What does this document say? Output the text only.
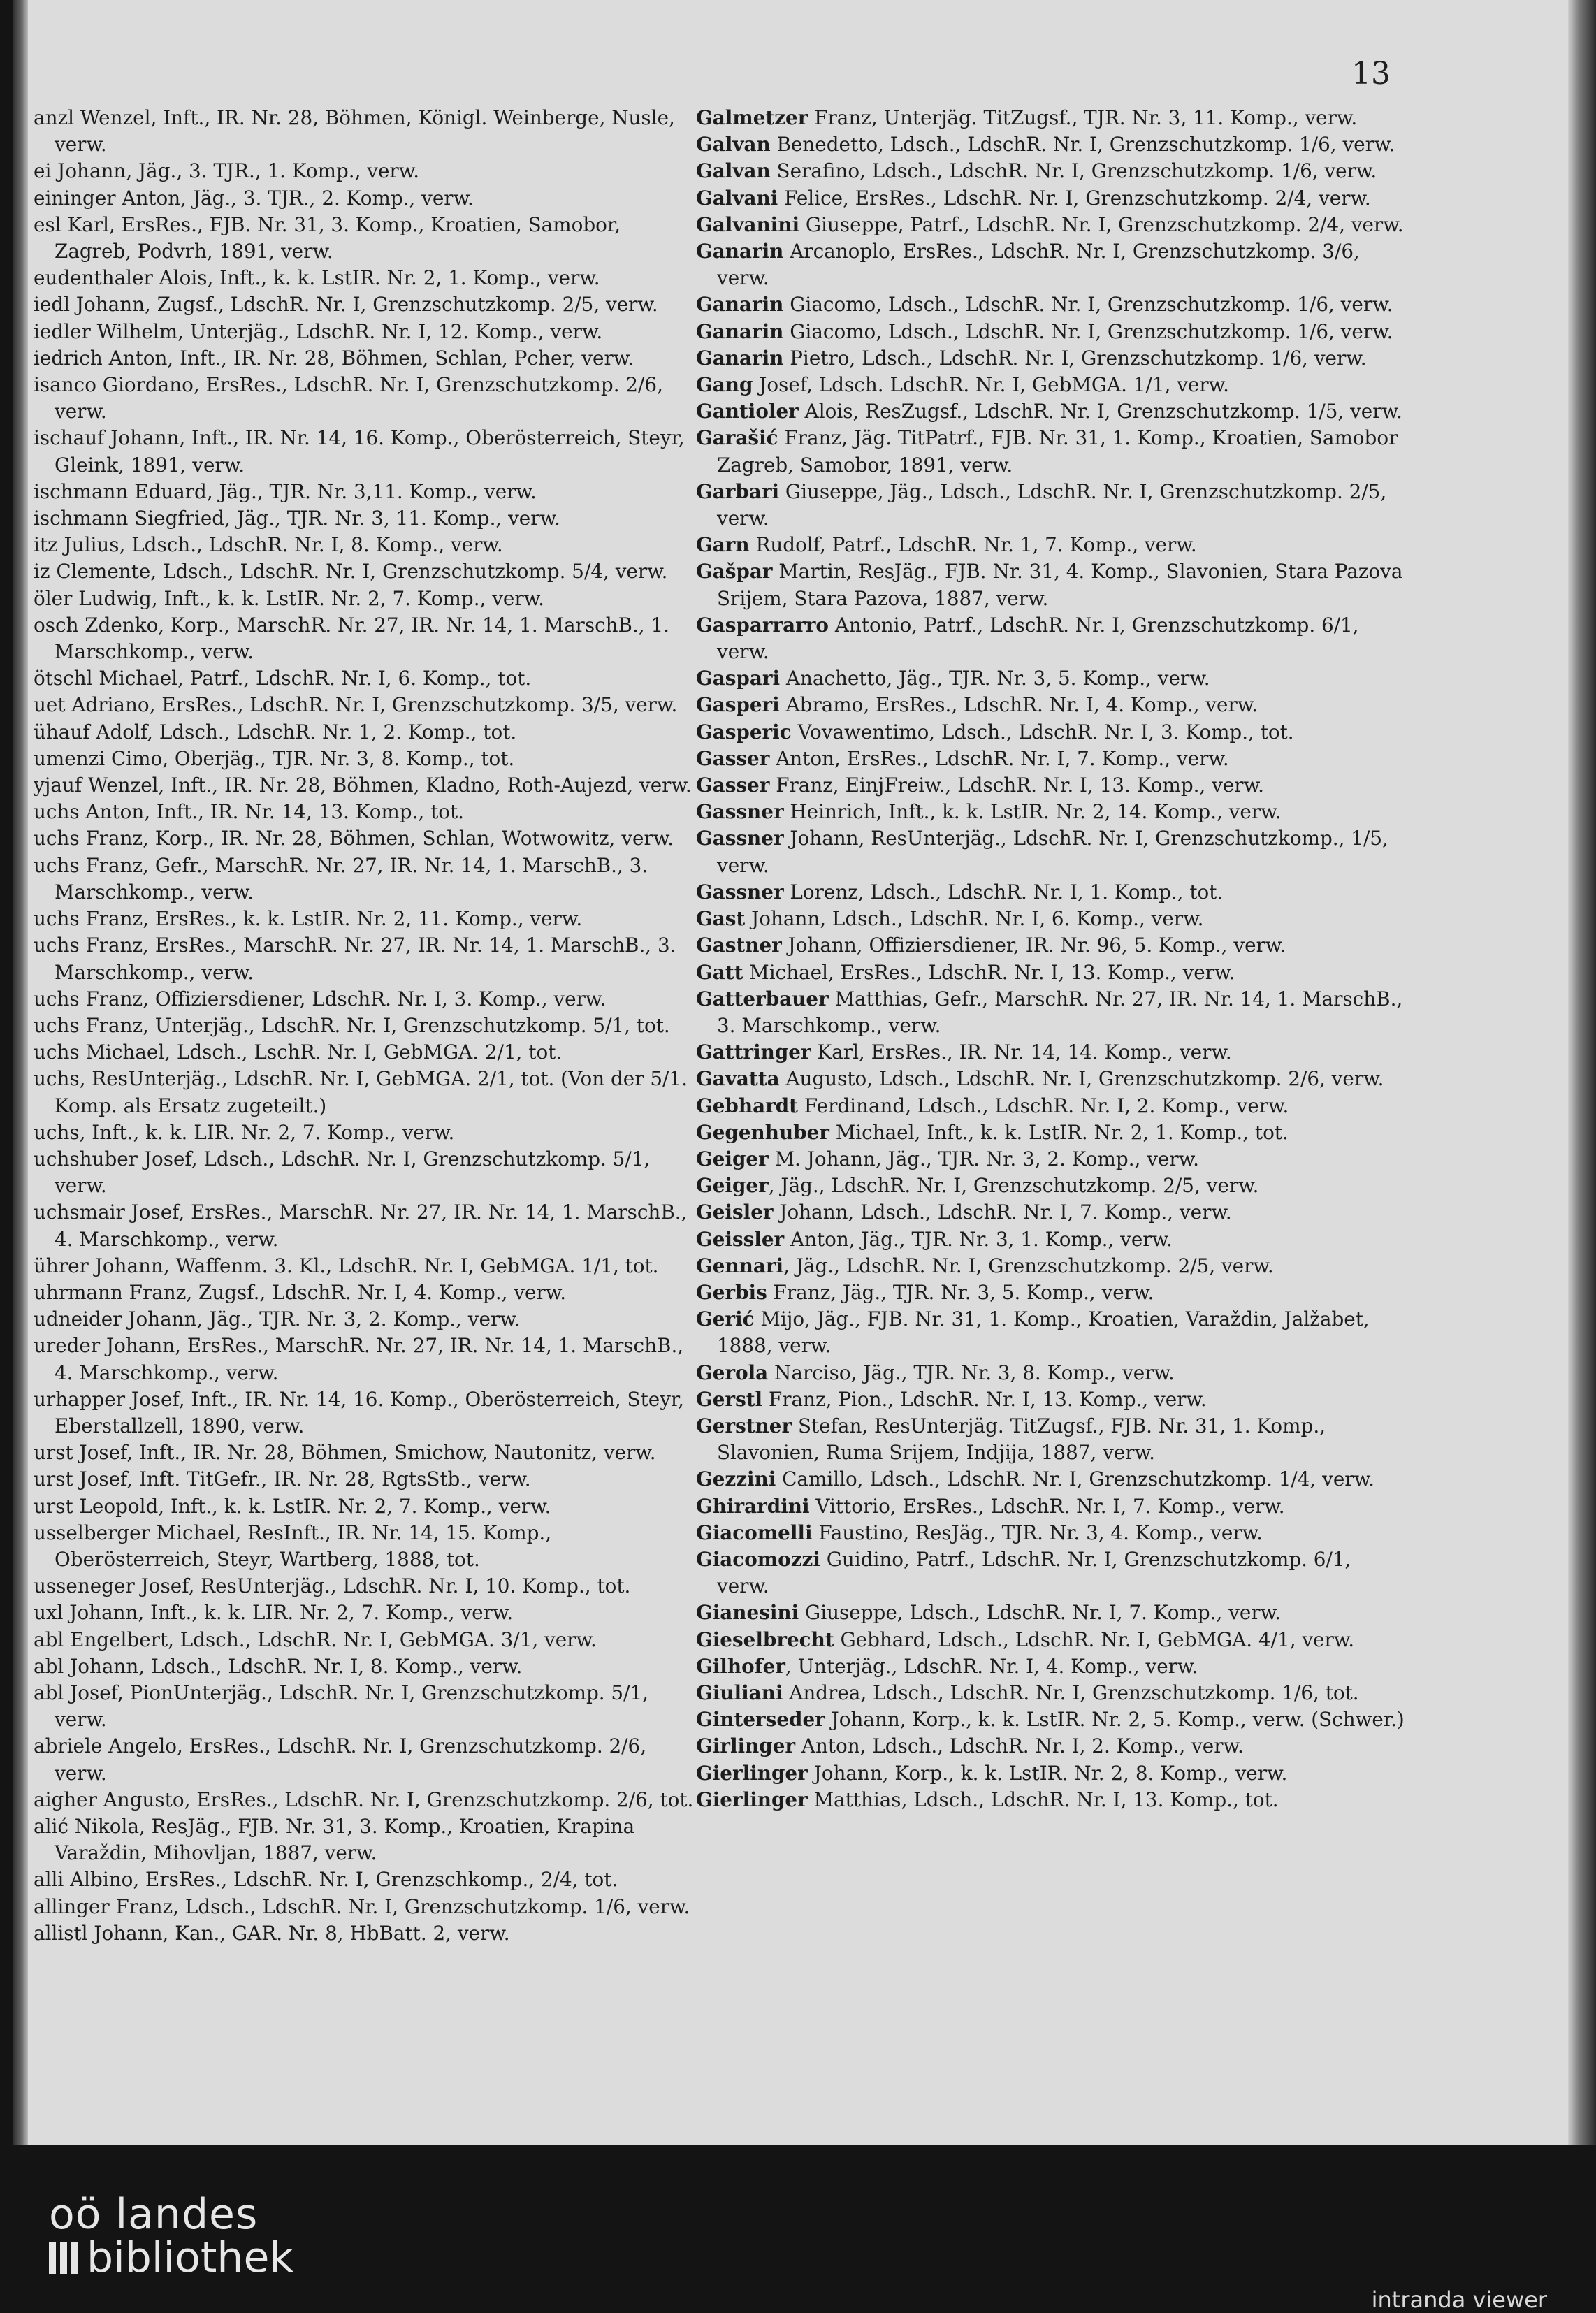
13

anzl Wenzel, Inft., IR. Nr. 28, Böhmen, Königl. Weinberge, Nusle, verw.

ei Johann, Jäg., 3. TJR., 1. Komp., verw.

eininger Anton, Jäg., 3. TJR., 2. Komp., verw.

esl Karl, ErsRes., FJB. Nr. 31, 3. Komp., Kroatien, Samobor, Zagreb, Podvrh, 1891, verw.

eudenthaler Alois, Inft., k. k. LstIR. Nr. 2, 1. Komp., verw.

iedl Johann, Zugsf., LdschR. Nr. I, Grenzschutzkomp. 2/5, verw.

iedler Wilhelm, Unterjäg., LdschR. Nr. I, 12. Komp., verw.

iedrich Anton, Inft., IR. Nr. 28, Böhmen, Schlan, Pcher, verw.

isanco Giordano, ErsRes., LdschR. Nr. I, Grenzschutzkomp. 2/6, verw.

ischauf Johann, Inft., IR. Nr. 14, 16. Komp., Oberösterreich, Steyr, Gleink, 1891, verw.

ischmann Eduard, Jäg., TJR. Nr. 3,11. Komp., verw.

ischmann Siegfried, Jäg., TJR. Nr. 3, 11. Komp., verw.

itz Julius, Ldsch., LdschR. Nr. I, 8. Komp., verw.

iz Clemente, Ldsch., LdschR. Nr. I, Grenzschutzkomp. 5/4, verw.

öler Ludwig, Inft., k. k. LstIR. Nr. 2, 7. Komp., verw.

osch Zdenko, Korp., MarschR. Nr. 27, IR. Nr. 14, 1. MarschB., 1. Marschkomp., verw.

ötschl Michael, Patrf., LdschR. Nr. I, 6. Komp., tot.

uet Adriano, ErsRes., LdschR. Nr. I, Grenzschutzkomp. 3/5, verw.

ühauf Adolf, Ldsch., LdschR. Nr. 1, 2. Komp., tot.

umenzi Cimo, Oberjäg., TJR. Nr. 3, 8. Komp., tot.

yjauf Wenzel, Inft., IR. Nr. 28, Böhmen, Kladno, Roth-Aujezd, verw.

uchs Anton, Inft., IR. Nr. 14, 13. Komp., tot.

uchs Franz, Korp., IR. Nr. 28, Böhmen, Schlan, Wotwowitz, verw.

uchs Franz, Gefr., MarschR. Nr. 27, IR. Nr. 14, 1. MarschB., 3. Marschkomp., verw.

uchs Franz, ErsRes., k. k. LstIR. Nr. 2, 11. Komp., verw.

uchs Franz, ErsRes., MarschR. Nr. 27, IR. Nr. 14, 1. MarschB., 3. Marschkomp., verw.

uchs Franz, Offiziersdiener, LdschR. Nr. I, 3. Komp., verw.

uchs Franz, Unterjäg., LdschR. Nr. I, Grenzschutzkomp. 5/1, tot.

uchs Michael, Ldsch., LschR. Nr. I, GebMGA. 2/1, tot.

uchs, ResUnterjäg., LdschR. Nr. I, GebMGA. 2/1, tot. (Von der 5/1. Komp. als Ersatz zugeteilt.)

uchs, Inft., k. k. LIR. Nr. 2, 7. Komp., verw.

uchshuber Josef, Ldsch., LdschR. Nr. I, Grenzschutzkomp. 5/1, verw.

uchsmair Josef, ErsRes., MarschR. Nr. 27, IR. Nr. 14, 1. MarschB., 4. Marschkomp., verw.

ührer Johann, Waffenm. 3. Kl., LdschR. Nr. I, GebMGA. 1/1, tot.

uhrmann Franz, Zugsf., LdschR. Nr. I, 4. Komp., verw.

udneider Johann, Jäg., TJR. Nr. 3, 2. Komp., verw.

ureder Johann, ErsRes., MarschR. Nr. 27, IR. Nr. 14, 1. MarschB., 4. Marschkomp., verw.

urhapper Josef, Inft., IR. Nr. 14, 16. Komp., Oberösterreich, Steyr, Eberstallzell, 1890, verw.

urst Josef, Inft., IR. Nr. 28, Böhmen, Smichow, Nautonitz, verw.

urst Josef, Inft. TitGefr., IR. Nr. 28, RgtsStb., verw.

urst Leopold, Inft., k. k. LstIR. Nr. 2, 7. Komp., verw.

usselberger Michael, ResInft., IR. Nr. 14, 15. Komp., Oberösterreich, Steyr, Wartberg, 1888, tot.

usseneger Josef, ResUnterjäg., LdschR. Nr. I, 10. Komp., tot.

uxl Johann, Inft., k. k. LIR. Nr. 2, 7. Komp., verw.

abl Engelbert, Ldsch., LdschR. Nr. I, GebMGA. 3/1, verw.

abl Johann, Ldsch., LdschR. Nr. I, 8. Komp., verw.

abl Josef, PionUnterjäg., LdschR. Nr. I, Grenzschutzkomp. 5/1, verw.

abriele Angelo, ErsRes., LdschR. Nr. I, Grenzschutzkomp. 2/6, verw.

aigher Angusto, ErsRes., LdschR. Nr. I, Grenzschutzkomp. 2/6, tot.

alić Nikola, ResJäg., FJB. Nr. 31, 3. Komp., Kroatien, Krapina Varaždin, Mihovljan, 1887, verw.

alli Albino, ErsRes., LdschR. Nr. I, Grenzschkomp., 2/4, tot.

allinger Franz, Ldsch., LdschR. Nr. I, Grenzschutzkomp. 1/6, verw.

allistl Johann, Kan., GAR. Nr. 8, HbBatt. 2, verw.

Galmetzer Franz, Unterjäg. TitZugsf., TJR. Nr. 3, 11. Komp., verw.

Galvan Benedetto, Ldsch., LdschR. Nr. I, Grenzschutzkomp. 1/6, verw.

Galvan Serafino, Ldsch., LdschR. Nr. I, Grenzschutzkomp. 1/6, verw.

Galvani Felice, ErsRes., LdschR. Nr. I, Grenzschutzkomp. 2/4, verw.

Galvanini Giuseppe, Patrf., LdschR. Nr. I, Grenzschutzkomp. 2/4, verw.

Ganarin Arcanoplo, ErsRes., LdschR. Nr. I, Grenzschutzkomp. 3/6, verw.

Ganarin Giacomo, Ldsch., LdschR. Nr. I, Grenzschutzkomp. 1/6, verw.

Ganarin Giacomo, Ldsch., LdschR. Nr. I, Grenzschutzkomp. 1/6, verw.

Ganarin Pietro, Ldsch., LdschR. Nr. I, Grenzschutzkomp. 1/6, verw.

Gang Josef, Ldsch. LdschR. Nr. I, GebMGA. 1/1, verw.

Gantioler Alois, ResZugsf., LdschR. Nr. I, Grenzschutzkomp. 1/5, verw.

Garašić Franz, Jäg. TitPatrf., FJB. Nr. 31, 1. Komp., Kroatien, Samobor Zagreb, Samobor, 1891, verw.

Garbari Giuseppe, Jäg., Ldsch., LdschR. Nr. I, Grenzschutzkomp. 2/5, verw.

Garn Rudolf, Patrf., LdschR. Nr. 1, 7. Komp., verw.

Gašpar Martin, ResJäg., FJB. Nr. 31, 4. Komp., Slavonien, Stara Pazova Srijem, Stara Pazova, 1887, verw.

Gasparrarro Antonio, Patrf., LdschR. Nr. I, Grenzschutzkomp. 6/1, verw.

Gaspari Anachetto, Jäg., TJR. Nr. 3, 5. Komp., verw.

Gasperi Abramo, ErsRes., LdschR. Nr. I, 4. Komp., verw.

Gasperic Vovawentimo, Ldsch., LdschR. Nr. I, 3. Komp., tot.

Gasser Anton, ErsRes., LdschR. Nr. I, 7. Komp., verw.

Gasser Franz, EinjFreiw., LdschR. Nr. I, 13. Komp., verw.

Gassner Heinrich, Inft., k. k. LstIR. Nr. 2, 14. Komp., verw.

Gassner Johann, ResUnterjäg., LdschR. Nr. I, Grenzschutzkomp., 1/5, verw.

Gassner Lorenz, Ldsch., LdschR. Nr. I, 1. Komp., tot.

Gast Johann, Ldsch., LdschR. Nr. I, 6. Komp., verw.

Gastner Johann, Offiziersdiener, IR. Nr. 96, 5. Komp., verw.

Gatt Michael, ErsRes., LdschR. Nr. I, 13. Komp., verw.

Gatterbauer Matthias, Gefr., MarschR. Nr. 27, IR. Nr. 14, 1. MarschB., 3. Marschkomp., verw.

Gattringer Karl, ErsRes., IR. Nr. 14, 14. Komp., verw.

Gavatta Augusto, Ldsch., LdschR. Nr. I, Grenzschutzkomp. 2/6, verw.

Gebhardt Ferdinand, Ldsch., LdschR. Nr. I, 2. Komp., verw.

Gegenhuber Michael, Inft., k. k. LstIR. Nr. 2, 1. Komp., tot.

Geiger M. Johann, Jäg., TJR. Nr. 3, 2. Komp., verw.

Geiger, Jäg., LdschR. Nr. I, Grenzschutzkomp. 2/5, verw.

Geisler Johann, Ldsch., LdschR. Nr. I, 7. Komp., verw.

Geissler Anton, Jäg., TJR. Nr. 3, 1. Komp., verw.

Gennari, Jäg., LdschR. Nr. I, Grenzschutzkomp. 2/5, verw.

Gerbis Franz, Jäg., TJR. Nr. 3, 5. Komp., verw.

Gerić Mijo, Jäg., FJB. Nr. 31, 1. Komp., Kroatien, Varaždin, Jalžabet, 1888, verw.

Gerola Narciso, Jäg., TJR. Nr. 3, 8. Komp., verw.

Gerstl Franz, Pion., LdschR. Nr. I, 13. Komp., verw.

Gerstner Stefan, ResUnterjäg. TitZugsf., FJB. Nr. 31, 1. Komp., Slavonien, Ruma Srijem, Indjija, 1887, verw.

Gezzini Camillo, Ldsch., LdschR. Nr. I, Grenzschutzkomp. 1/4, verw.

Ghirardini Vittorio, ErsRes., LdschR. Nr. I, 7. Komp., verw.

Giacomelli Faustino, ResJäg., TJR. Nr. 3, 4. Komp., verw.

Giacomozzi Guidino, Patrf., LdschR. Nr. I, Grenzschutzkomp. 6/1, verw.

Gianesini Giuseppe, Ldsch., LdschR. Nr. I, 7. Komp., verw.

Gieselbrecht Gebhard, Ldsch., LdschR. Nr. I, GebMGA. 4/1, verw.

Gilhofer, Unterjäg., LdschR. Nr. I, 4. Komp., verw.

Giuliani Andrea, Ldsch., LdschR. Nr. I, Grenzschutzkomp. 1/6, tot.

Ginterseder Johann, Korp., k. k. LstIR. Nr. 2, 5. Komp., verw. (Schwer.)

Girlinger Anton, Ldsch., LdschR. Nr. I, 2. Komp., verw.

Gierlinger Johann, Korp., k. k. LstIR. Nr. 2, 8. Komp., verw.

Gierlinger Matthias, Ldsch., LdschR. Nr. I, 13. Komp., tot.

oö landes
bibliothek
intranda viewer
